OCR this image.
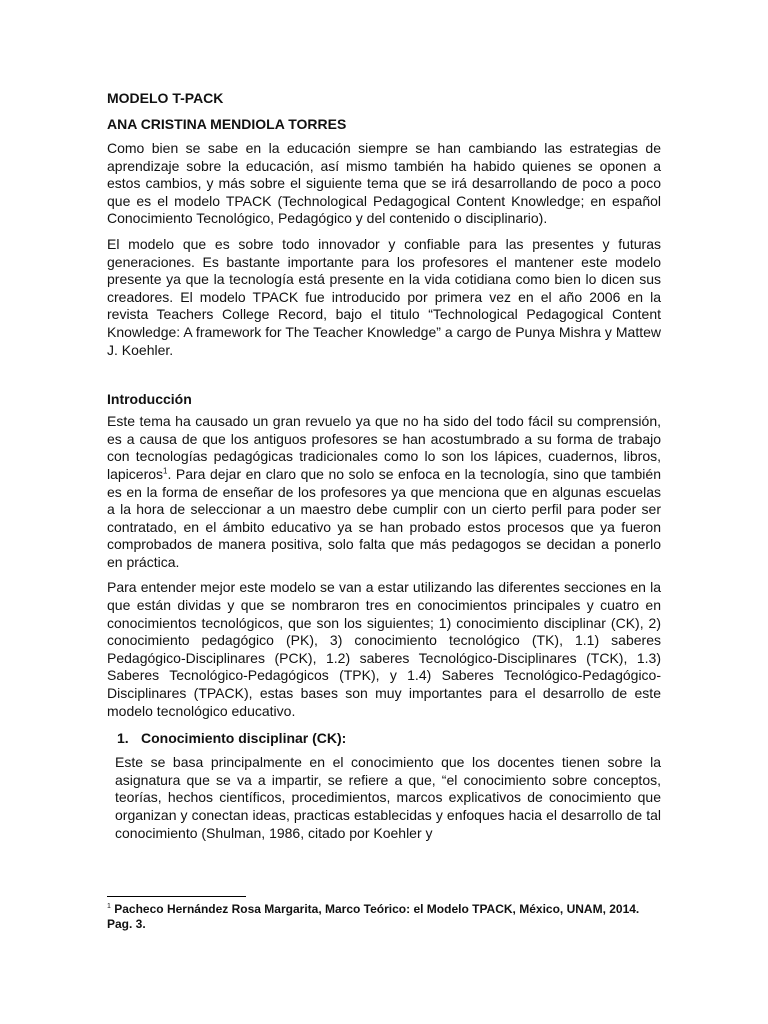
MODELO T-PACK
ANA CRISTINA MENDIOLA TORRES

Como bien se sabe en la educación siempre se han cambiando las estrategias de aprendizaje sobre la educación, así mismo también ha habido quienes se oponen a estos cambios, y más sobre el siguiente tema que se irá desarrollando de poco a poco que es el modelo TPACK (Technological Pedagogical Content Knowledge; en español Conocimiento Tecnológico, Pedagógico y del contenido o disciplinario).

El modelo que es sobre todo innovador y confiable para las presentes y futuras generaciones. Es bastante importante para los profesores el mantener este modelo presente ya que la tecnología está presente en la vida cotidiana como bien lo dicen sus creadores. El modelo TPACK fue introducido por primera vez en el año 2006 en la revista Teachers College Record, bajo el titulo “Technological Pedagogical Content Knowledge: A framework for The Teacher Knowledge” a cargo de Punya Mishra y Mattew J. Koehler.

Introducción

Este tema ha causado un gran revuelo ya que no ha sido del todo fácil su comprensión, es a causa de que los antiguos profesores se han acostumbrado a su forma de trabajo con tecnologías pedagógicas tradicionales como lo son los lápices, cuadernos, libros, lapiceros$^1$. Para dejar en claro que no solo se enfoca en la tecnología, sino que también es en la forma de enseñar de los profesores ya que menciona que en algunas escuelas a la hora de seleccionar a un maestro debe cumplir con un cierto perfil para poder ser contratado, en el ámbito educativo ya se han probado estos procesos que ya fueron comprobados de manera positiva, solo falta que más pedagogos se decidan a ponerlo en práctica.

Para entender mejor este modelo se van a estar utilizando las diferentes secciones en la que están dividas y que se nombraron tres en conocimientos principales y cuatro en conocimientos tecnológicos, que son los siguientes; 1) conocimiento disciplinar (CK), 2) conocimiento pedagógico (PK), 3) conocimiento tecnológico (TK), 1.1) saberes Pedagógico-Disciplinares (PCK), 1.2) saberes Tecnológico-Disciplinares (TCK), 1.3) Saberes Tecnológico-Pedagógicos (TPK), y 1.4) Saberes Tecnológico-Pedagógico-Disciplinares (TPACK), estas bases son muy importantes para el desarrollo de este modelo tecnológico educativo.

1. Conocimiento disciplinar (CK):

Este se basa principalmente en el conocimiento que los docentes tienen sobre la asignatura que se va a impartir, se refiere a que, “el conocimiento sobre conceptos, teorías, hechos científicos, procedimientos, marcos explicativos de conocimiento que organizan y conectan ideas, practicas establecidas y enfoques hacia el desarrollo de tal conocimiento (Shulman, 1986, citado por Koehler y

$^1$ Pacheco Hernández Rosa Margarita, Marco Teórico: el Modelo TPACK, México, UNAM, 2014. Pag. 3.
